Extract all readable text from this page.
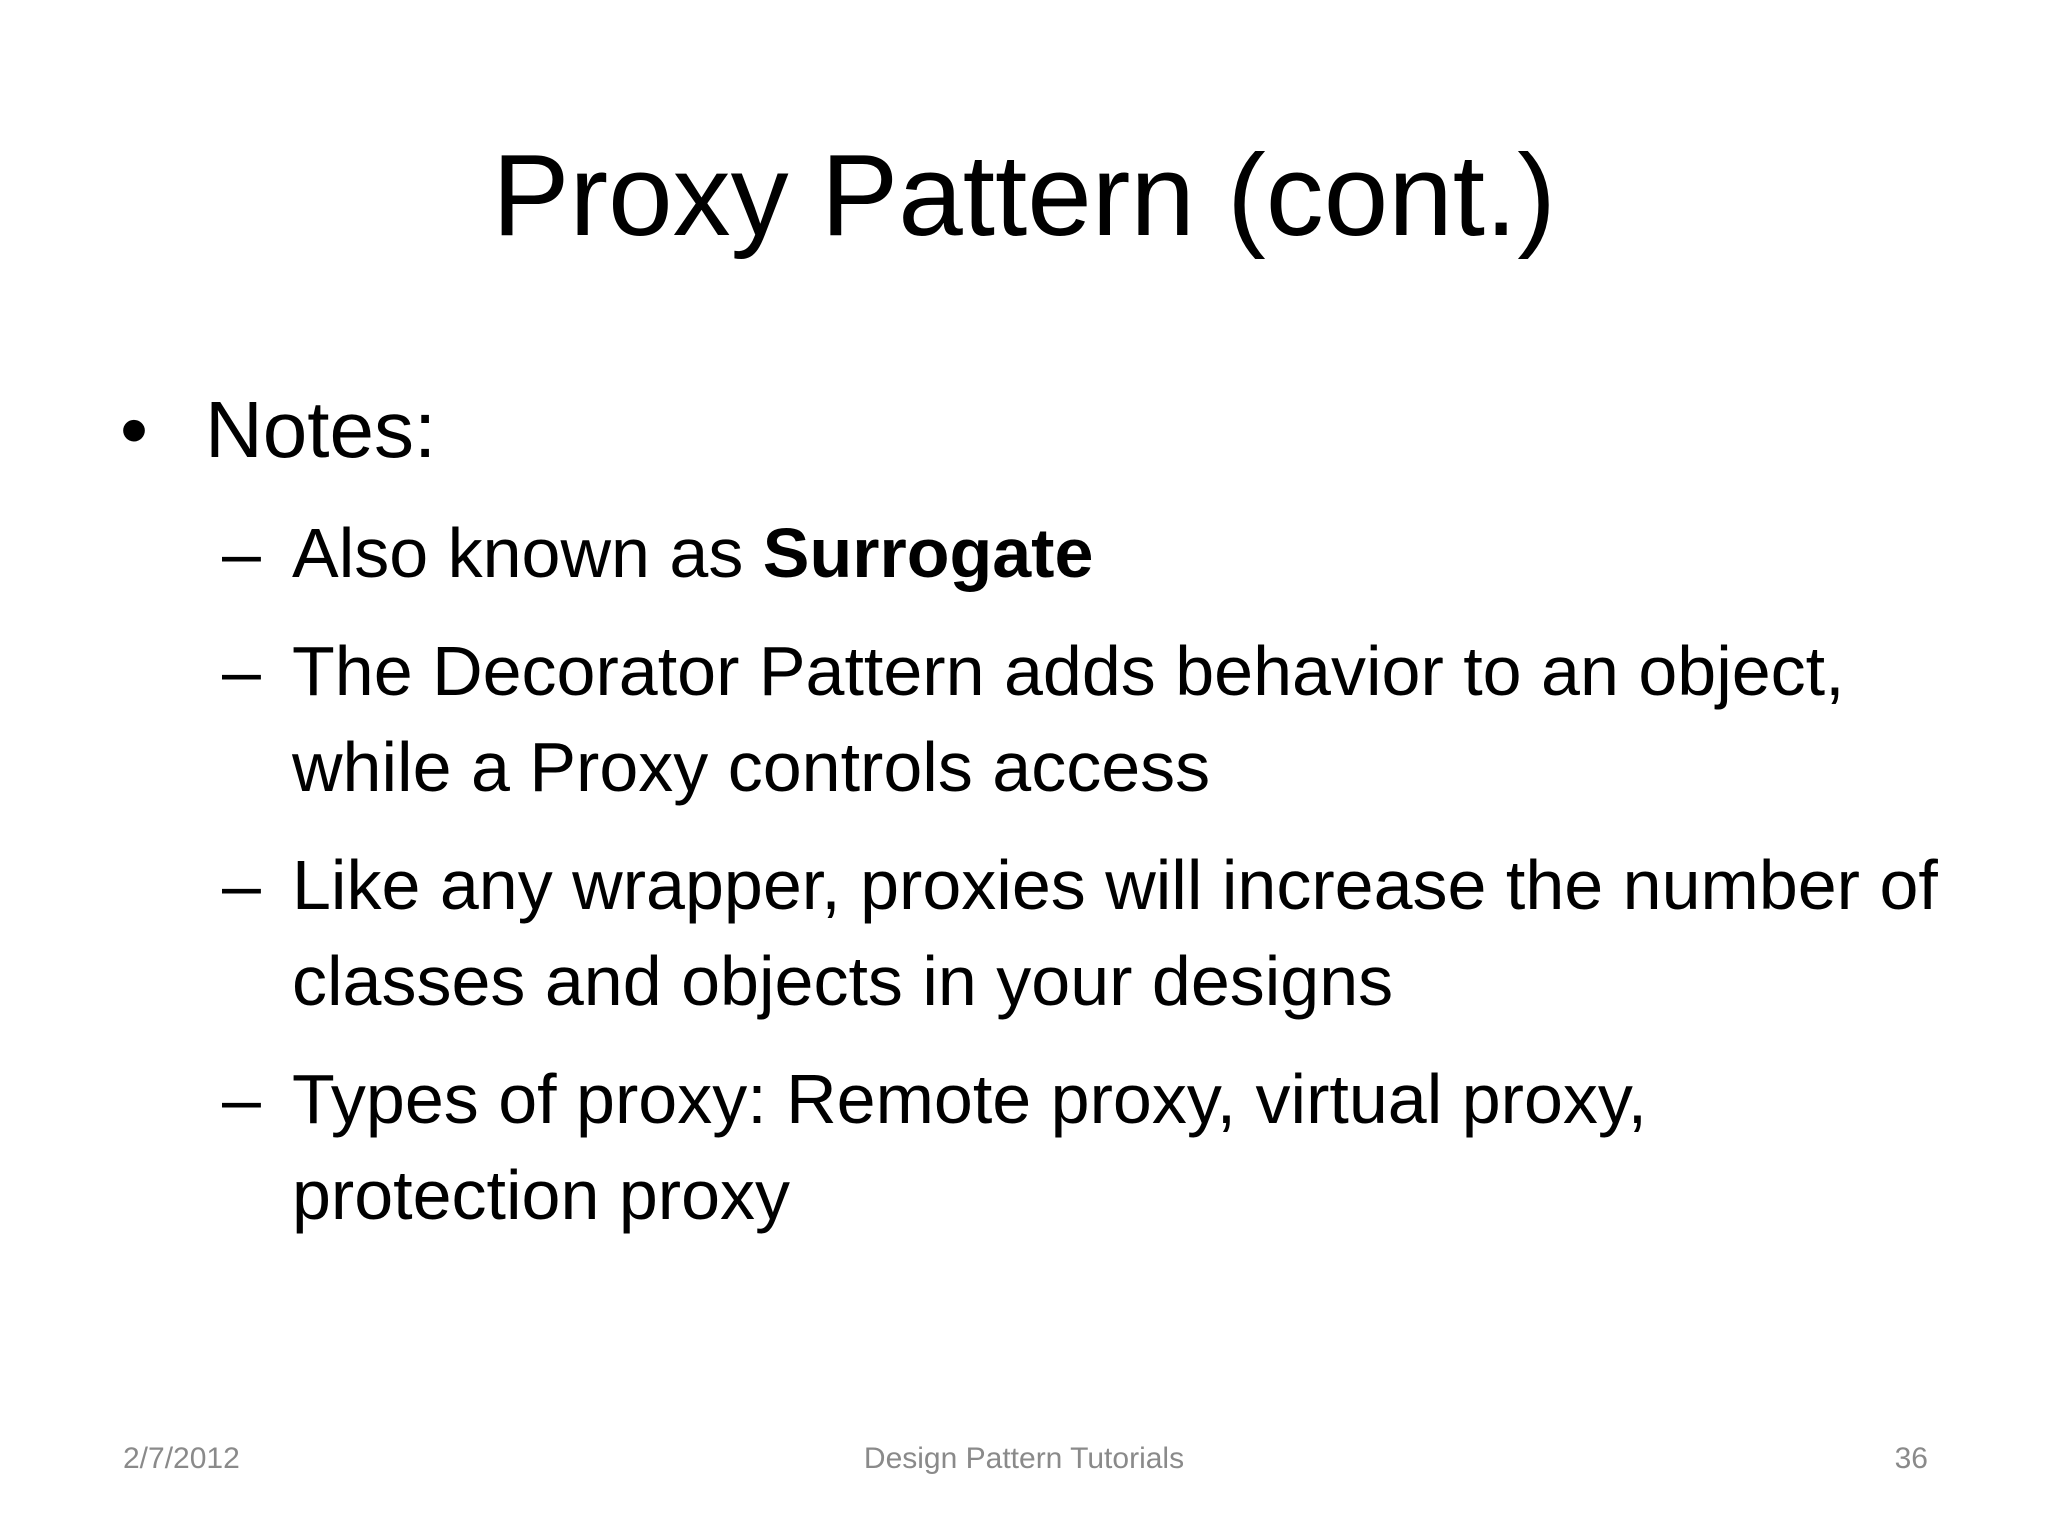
Proxy Pattern (cont.)
• Notes:
– Also known as Surrogate
– The Decorator Pattern adds behavior to an object, while a Proxy controls access
– Like any wrapper, proxies will increase the number of classes and objects in your designs
– Types of proxy: Remote proxy, virtual proxy, protection proxy
2/7/2012	Design Pattern Tutorials	36
